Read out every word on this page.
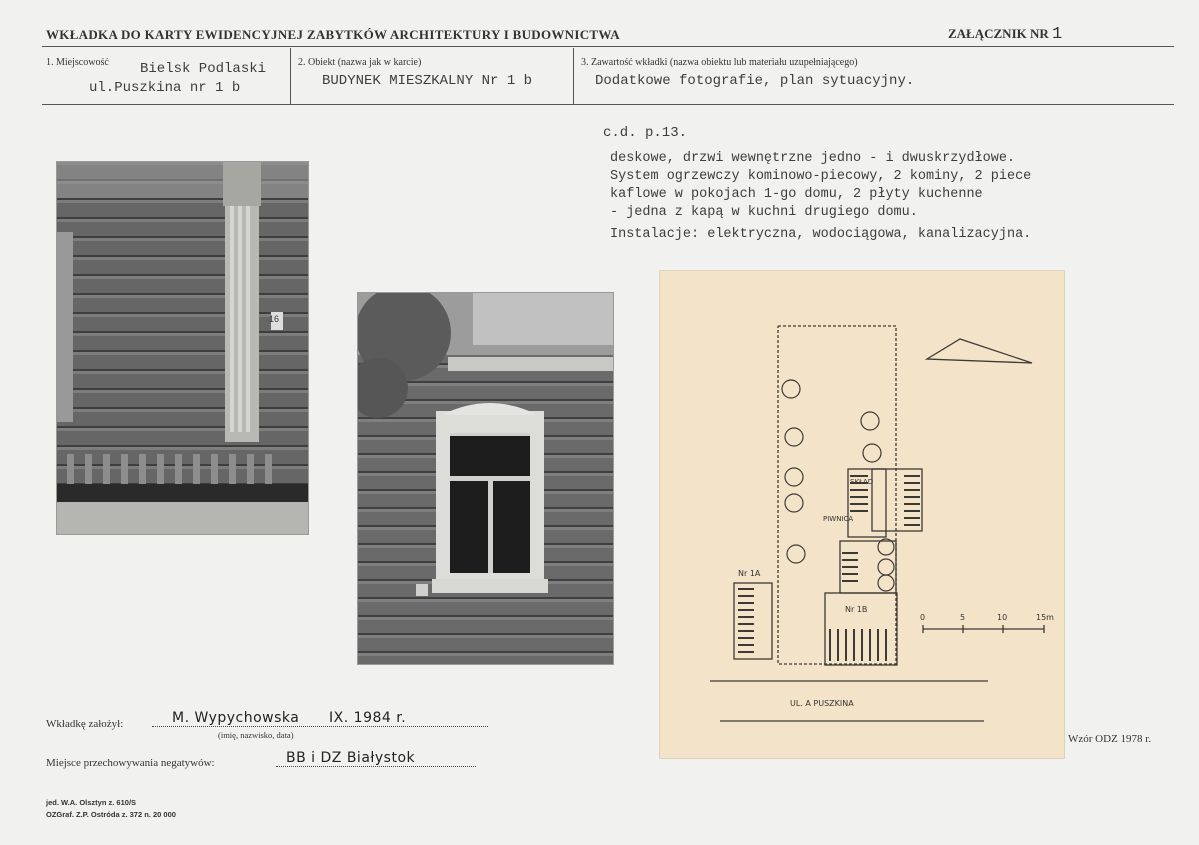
WKŁADKA DO KARTY EWIDENCYJNEJ ZABYTKÓW ARCHITEKTURY I BUDOWNICTWA	ZAŁĄCZNIK NR 1
1. Miejscowość Bielsk Podlaski
ul.Puszkina nr 1 b
2. Obiekt (nazwa jak w karcie)
BUDYNEK MIESZKALNY Nr 1 b
3. Zawartość wkładki (nazwa obiektu lub materiału uzupełniającego)
Dodatkowe fotografie, plan sytuacyjny.
c.d. p.13.
deskowe, drzwi wewnętrzne jedno - i dwuskrzydłowe.
System ogrzewczy kominowo-piecowy, 2 kominy, 2 piece
kaflowe w pokojach 1-go domu, 2 płyty kuchenne
- jedna z kapą w kuchni drugiego domu.
Instalacje: elektryczna, wodociągowa, kanalizacyjna.
16
SKŁAD
PIWNICA
Nr 1A
Nr 1B
UL. A PUSZKINA
0	5	10	15m
Wkładkę założył:	M. Wypychowska      IX. 1984 r.
(imię, nazwisko, data)
Miejsce przechowywania negatywów:	BB i DZ Białystok
jed. W.A. Olsztyn z. 610/S
OZGraf. Z.P. Ostróda z. 372 n. 20 000
Wzór ODZ 1978 r.
